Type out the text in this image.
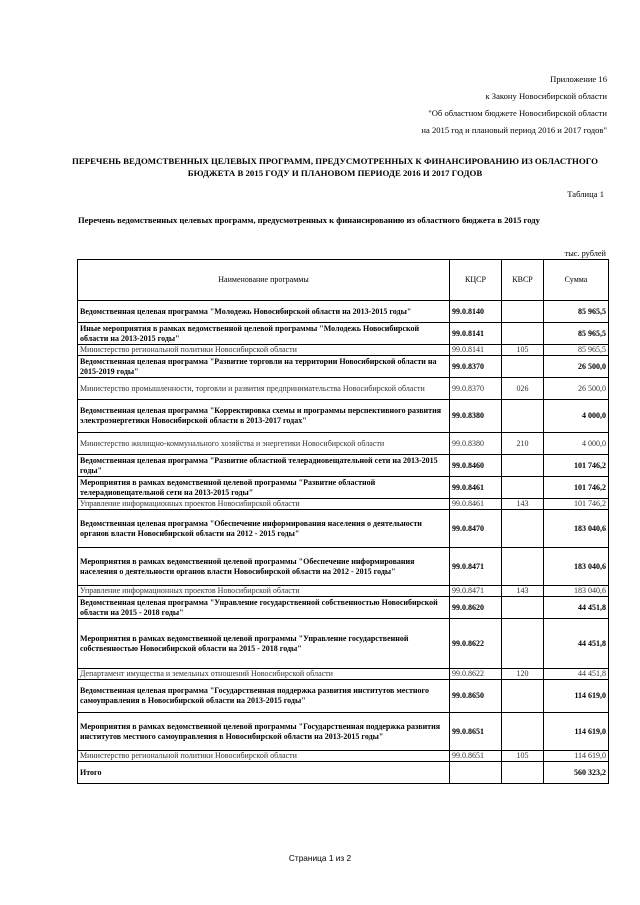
Приложение 16
к Закону Новосибирской области
"Об областном бюджете Новосибирской области
на 2015 год и плановый период 2016 и 2017 годов"
ПЕРЕЧЕНЬ ВЕДОМСТВЕННЫХ ЦЕЛЕВЫХ ПРОГРАММ, ПРЕДУСМОТРЕННЫХ К ФИНАНСИРОВАНИЮ ИЗ ОБЛАСТНОГО БЮДЖЕТА В 2015 ГОДУ И ПЛАНОВОМ ПЕРИОДЕ 2016 И 2017 ГОДОВ
Таблица 1
Перечень ведомственных целевых программ, предусмотренных к финансированию из областного бюджета в 2015 году
тыс. рублей
Наименование программы	КЦСР	КВСР	Сумма
Ведомственная целевая программа "Молодежь Новосибирской области на 2013-2015 годы"	99.0.8140		85 965,5
Иные мероприятия в рамках ведомственной целевой программы "Молодежь Новосибирской области на 2013-2015 годы"	99.0.8141		85 965,5
Министерство региональной политики Новосибирской области	99.0.8141	105	85 965,5
Ведомственная целевая программа "Развитие торговли на территории Новосибирской области на 2015-2019 годы"	99.0.8370		26 500,0
Министерство промышленности, торговли и развития предпринимательства Новосибирской области	99.0.8370	026	26 500,0
Ведомственная целевая программа "Корректировка схемы и программы перспективного развития электроэнергетики Новосибирской области в 2013-2017 годах"	99.0.8380		4 000,0
Министерство жилищно-коммунального хозяйства и энергетики Новосибирской области	99.0.8380	210	4 000,0
Ведомственная целевая программа "Развитие областной телерадиовещательной сети на 2013-2015 годы"	99.0.8460		101 746,2
Мероприятия в рамках ведомственной целевой программы "Развитие областной телерадиовещательной сети на 2013-2015 годы"	99.0.8461		101 746,2
Управление информационных проектов Новосибирской области	99.0.8461	143	101 746,2
Ведомственная целевая программа "Обеспечение информирования населения о деятельности органов власти Новосибирской области на 2012 - 2015 годы"	99.0.8470		183 040,6
Мероприятия в рамках ведомственной целевой программы "Обеспечение информирования населения о деятельности органов власти Новосибирской области на 2012 - 2015 годы"	99.0.8471		183 040,6
Управление информационных проектов Новосибирской области	99.0.8471	143	183 040,6
Ведомственная целевая программа "Управление государственной собственностью Новосибирской области на 2015 - 2018 годы"	99.0.8620		44 451,8
Мероприятия в рамках ведомственной целевой программы "Управление государственной собственностью Новосибирской области на 2015 - 2018 годы"	99.0.8622		44 451,8
Департамент имущества и земельных отношений Новосибирской области	99.0.8622	120	44 451,8
Ведомственная целевая программа "Государственная поддержка развития институтов местного самоуправления в Новосибирской области на 2013-2015 годы"	99.0.8650		114 619,0
Мероприятия в рамках ведомственной целевой программы "Государственная поддержка развития институтов местного самоуправления в Новосибирской области на 2013-2015 годы"	99.0.8651		114 619,0
Министерство региональной политики Новосибирской области	99.0.8651	105	114 619,0
Итого			560 323,2
Страница 1 из 2
